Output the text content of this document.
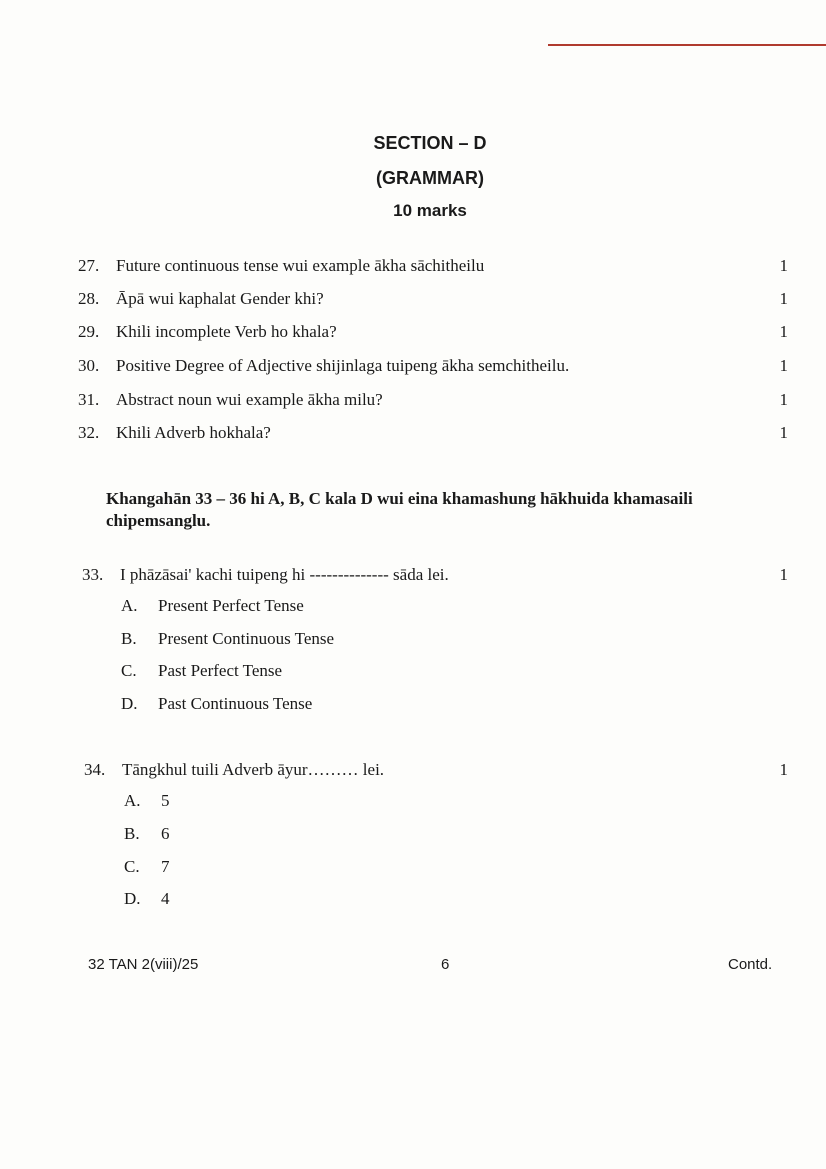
SECTION – D
(GRAMMAR)
10 marks
27. Future continuous tense wui example ākha sāchitheilu	1
28. Āpā wui kaphalat Gender khi?	1
29. Khili incomplete Verb ho khala?	1
30. Positive Degree of Adjective shijinlaga tuipeng ākha semchitheilu.	1
31. Abstract noun wui example ākha milu?	1
32. Khili Adverb hokhala?	1
Khangahān 33 – 36 hi A, B, C kala D wui eina khamashung hākhuida khamasaili chipemsanglu.
33. I phāzāsai' kachi tuipeng hi -------------- sāda lei.	1
A. Present Perfect Tense
B. Present Continuous Tense
C. Past Perfect Tense
D. Past Continuous Tense
34. Tāngkhul tuili Adverb āyur……… lei.	1
A. 5
B. 6
C. 7
D. 4
32 TAN 2(viii)/25	6	Contd.
